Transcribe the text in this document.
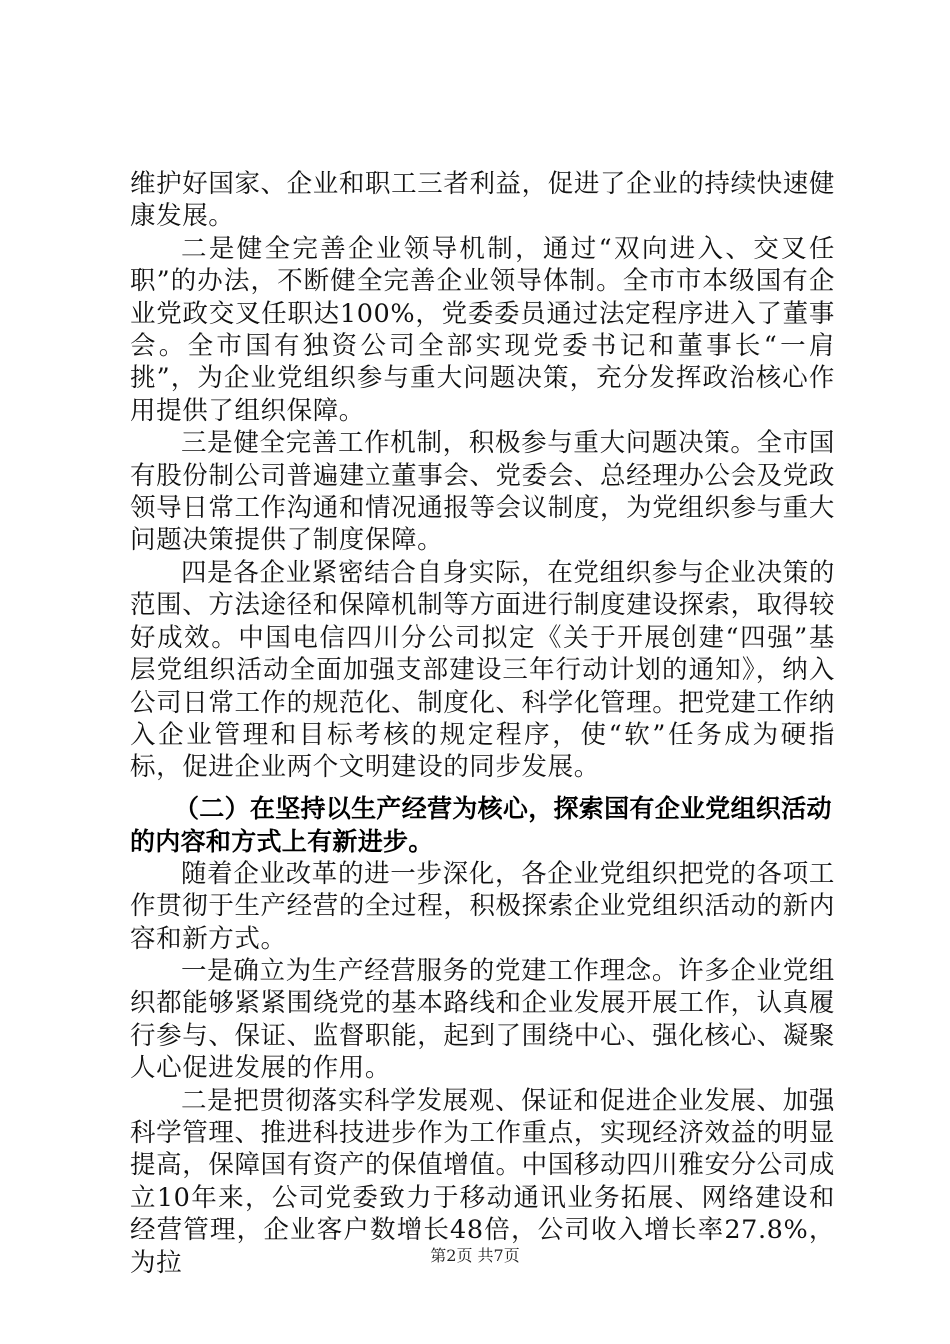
维护好国家、企业和职工三者利益，促进了企业的持续快速健康发展。

二是健全完善企业领导机制，通过“双向进入、交叉任职”的办法，不断健全完善企业领导体制。全市市本级国有企业党政交叉任职达100%，党委委员通过法定程序进入了董事会。全市国有独资公司全部实现党委书记和董事长“一肩挑”，为企业党组织参与重大问题决策，充分发挥政治核心作用提供了组织保障。

三是健全完善工作机制，积极参与重大问题决策。全市国有股份制公司普遍建立董事会、党委会、总经理办公会及党政领导日常工作沟通和情况通报等会议制度，为党组织参与重大问题决策提供了制度保障。

四是各企业紧密结合自身实际，在党组织参与企业决策的范围、方法途径和保障机制等方面进行制度建设探索，取得较好成效。中国电信四川分公司拟定《关于开展创建“四强”基层党组织活动全面加强支部建设三年行动计划的通知》，纳入公司日常工作的规范化、制度化、科学化管理。把党建工作纳入企业管理和目标考核的规定程序，使“软”任务成为硬指标，促进企业两个文明建设的同步发展。

（二）在坚持以生产经营为核心，探索国有企业党组织活动的内容和方式上有新进步。

随着企业改革的进一步深化，各企业党组织把党的各项工作贯彻于生产经营的全过程，积极探索企业党组织活动的新内容和新方式。

一是确立为生产经营服务的党建工作理念。许多企业党组织都能够紧紧围绕党的基本路线和企业发展开展工作，认真履行参与、保证、监督职能，起到了围绕中心、强化核心、凝聚人心促进发展的作用。

二是把贯彻落实科学发展观、保证和促进企业发展、加强科学管理、推进科技进步作为工作重点，实现经济效益的明显提高，保障国有资产的保值增值。中国移动四川雅安分公司成立10年来，公司党委致力于移动通讯业务拓展、网络建设和经营管理，企业客户数增长48倍，公司收入增长率27.8%，为拉	第2页 共7页
